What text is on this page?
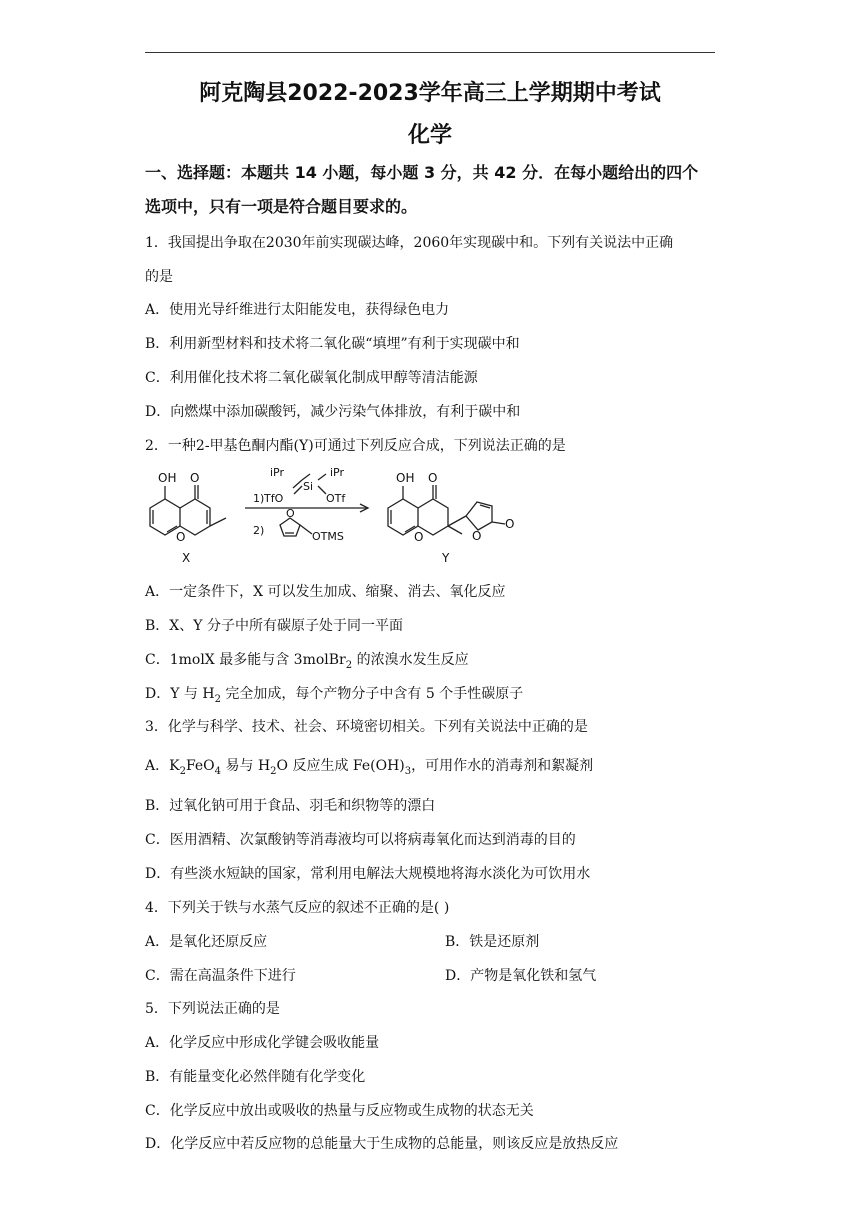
阿克陶县2022-2023学年高三上学期期中考试
化学
一、选择题：本题共 14 小题，每小题 3 分，共 42 分．在每小题给出的四个
选项中，只有一项是符合题目要求的。
1．我国提出争取在2030年前实现碳达峰，2060年实现碳中和。下列有关说法中正确
的是
A．使用光导纤维进行太阳能发电，获得绿色电力
B．利用新型材料和技术将二氧化碳“填埋”有利于实现碳中和
C．利用催化技术将二氧化碳氧化制成甲醇等清洁能源
D．向燃煤中添加碳酸钙，减少污染气体排放，有利于碳中和
2．一种2-甲基色酮内酯(Y)可通过下列反应合成，下列说法正确的是
OH O
O
X
1)
iPr	iPr
Si
TfO	OTf
2)
O
OTMS
OH O
O	O
O
Y
A．一定条件下，X 可以发生加成、缩聚、消去、氧化反应
B．X、Y 分子中所有碳原子处于同一平面
C．1molX 最多能与含 3molBr$_2$ 的浓溴水发生反应
D．Y 与 $H_2$ 完全加成，每个产物分子中含有 5 个手性碳原子
3．化学与科学、技术、社会、环境密切相关。下列有关说法中正确的是
A．$K_2FeO_4$ 易与 $H_2O$ 反应生成 $Fe(OH)_3$，可用作水的消毒剂和絮凝剂
B．过氧化钠可用于食品、羽毛和织物等的漂白
C．医用酒精、次氯酸钠等消毒液均可以将病毒氧化而达到消毒的目的
D．有些淡水短缺的国家，常利用电解法大规模地将海水淡化为可饮用水
4．下列关于铁与水蒸气反应的叙述不正确的是( )
A．是氧化还原反应	B．铁是还原剂
C．需在高温条件下进行	D．产物是氧化铁和氢气
5．下列说法正确的是
A．化学反应中形成化学键会吸收能量
B．有能量变化必然伴随有化学变化
C．化学反应中放出或吸收的热量与反应物或生成物的状态无关
D．化学反应中若反应物的总能量大于生成物的总能量，则该反应是放热反应
